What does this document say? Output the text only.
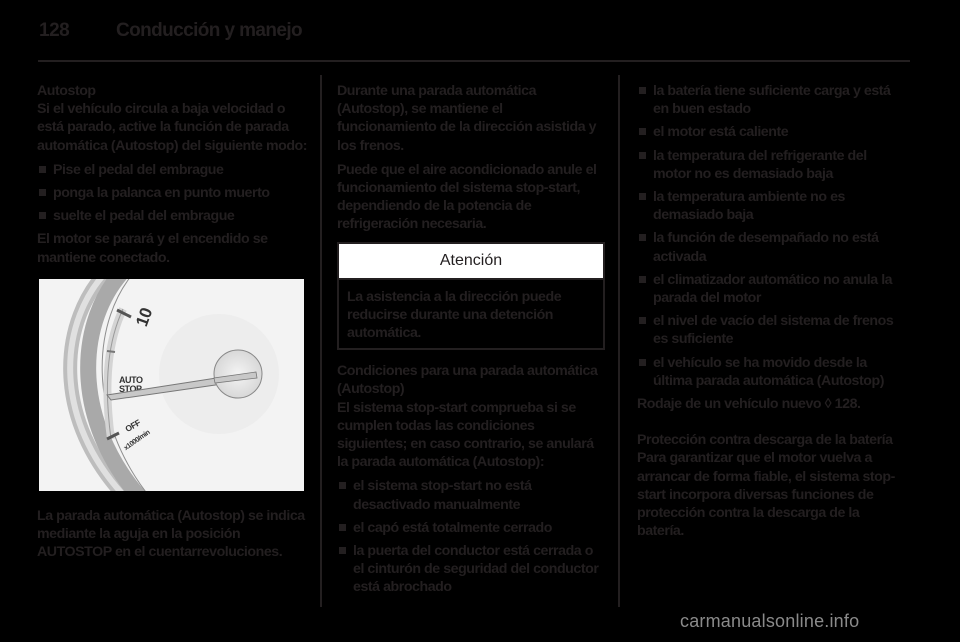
128 Conducción y manejo
Autostop

Si el vehículo circula a baja velocidad o está parado, active la función de parada automática (Autostop) del siguiente modo:

Pise el pedal del embrague
ponga la palanca en punto muerto
suelte el pedal del embrague

El motor se parará y el encendido se mantiene conectado.

10
AUTO
STOP
OFF
x1000/min

La parada automática (Autostop) se indica mediante la aguja en la posición AUTOSTOP en el cuentarrevoluciones.

Durante una parada automática (Autostop), se mantiene el funcionamiento de la dirección asistida y los frenos.

Puede que el aire acondicionado anule el funcionamiento del sistema stop-start, dependiendo de la potencia de refrigeración necesaria.

Atención
La asistencia a la dirección puede reducirse durante una detención automática.
Condiciones para una parada automática (Autostop)

El sistema stop-start comprueba si se cumplen todas las condiciones siguientes; en caso contrario, se anulará la parada automática (Autostop):

el sistema stop-start no está desactivado manualmente
el capó está totalmente cerrado
la puerta del conductor está cerrada o el cinturón de seguridad del conductor está abrochado
la batería tiene suficiente carga y está en buen estado
el motor está caliente
la temperatura del refrigerante del motor no es demasiado baja
la temperatura ambiente no es demasiado baja
la función de desempañado no está activada
el climatizador automático no anula la parada del motor
el nivel de vacío del sistema de frenos es suficiente
el vehículo se ha movido desde la última parada automática (Autostop)

Rodaje de un vehículo nuevo ◊ 128.

Protección contra descarga de la batería

Para garantizar que el motor vuelva a arrancar de forma fiable, el sistema stop-start incorpora diversas funciones de protección contra la descarga de la batería.

carmanualsonline.info
